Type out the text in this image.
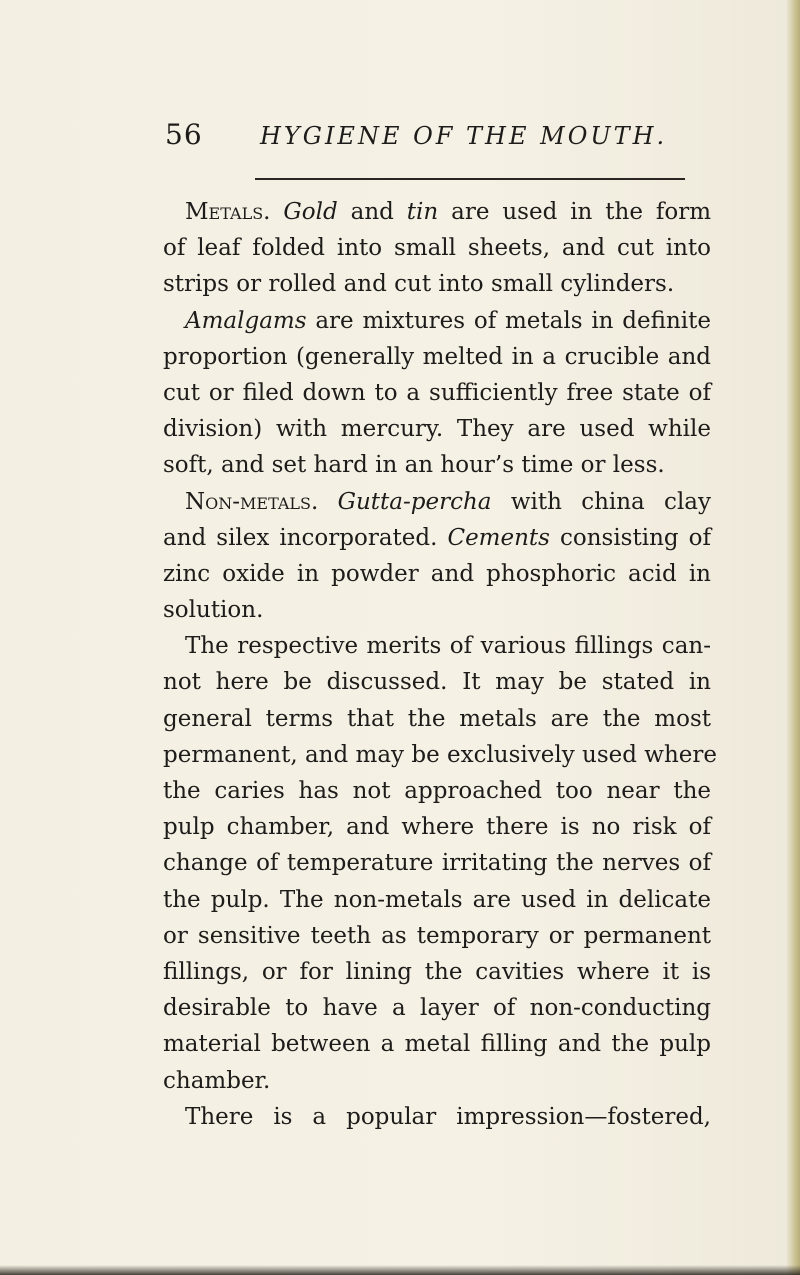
56 HYGIENE OF THE MOUTH.
Metals. Gold and tin are used in the form
of leaf folded into small sheets, and cut into
strips or rolled and cut into small cylinders.
Amalgams are mixtures of metals in definite
proportion (generally melted in a crucible and
cut or filed down to a sufficiently free state of
division) with mercury. They are used while
soft, and set hard in an hour’s time or less.
Non-metals. Gutta-percha with china clay
and silex incorporated. Cements consisting of
zinc oxide in powder and phosphoric acid in
solution.
The respective merits of various fillings can-
not here be discussed. It may be stated in
general terms that the metals are the most
permanent, and may be exclusively used where
the caries has not approached too near the
pulp chamber, and where there is no risk of
change of temperature irritating the nerves of
the pulp. The non-metals are used in delicate
or sensitive teeth as temporary or permanent
fillings, or for lining the cavities where it is
desirable to have a layer of non-conducting
material between a metal filling and the pulp
chamber.
There is a popular impression—fostered,
